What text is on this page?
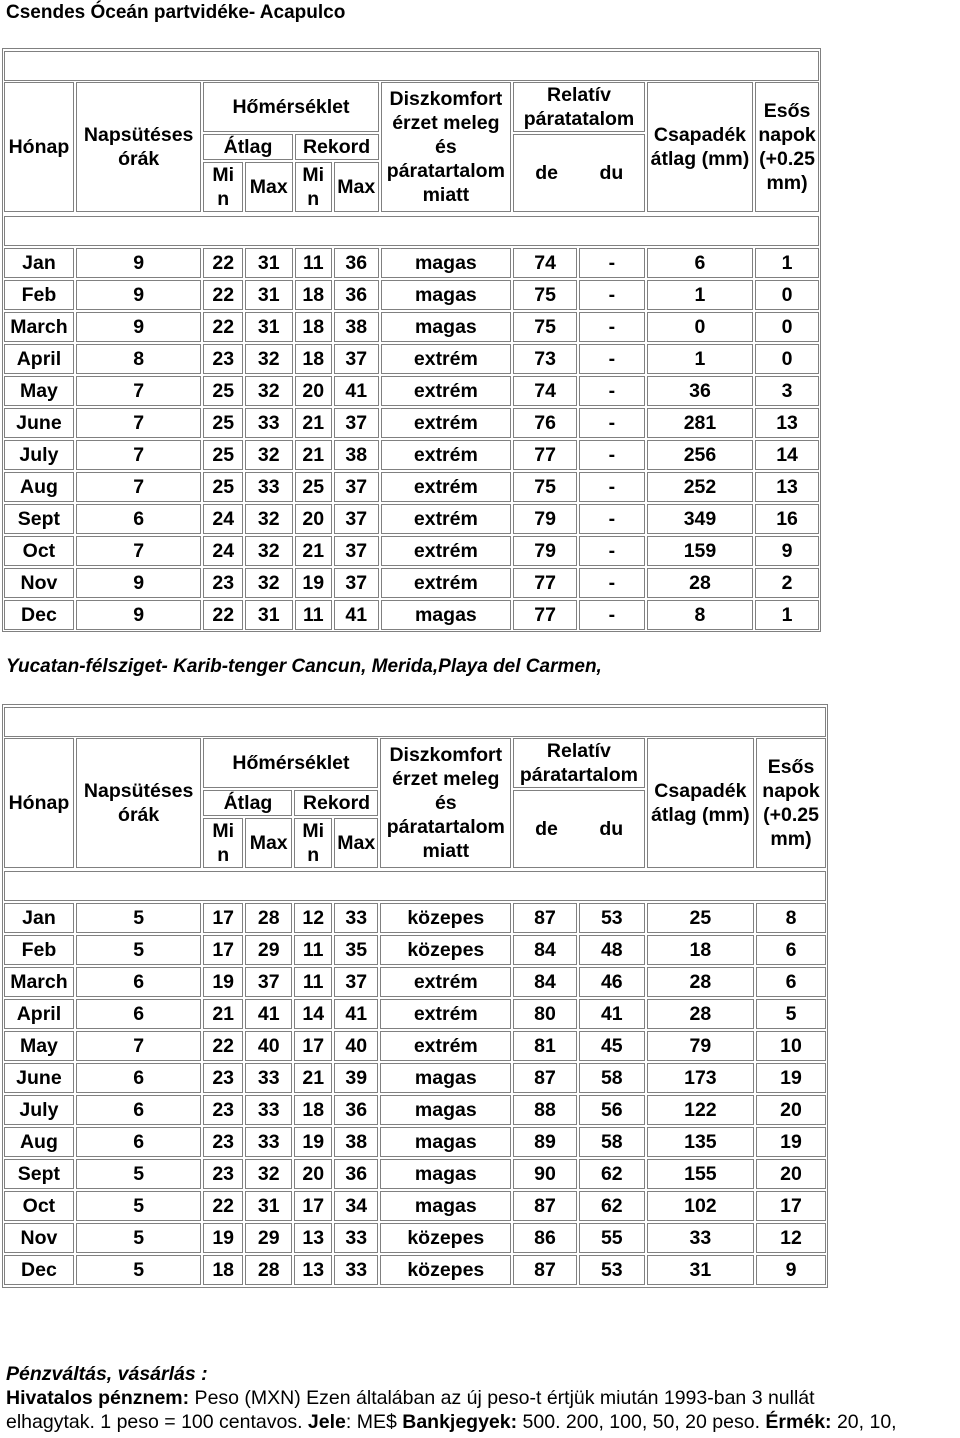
Csendes Óceán partvidéke- Acapulco
Hónap	Napsütéses órák	Hőmérséklet				Diszkomfort érzet meleg és páratartalom miatt	Relatív páratatalom	Csapadék átlag (mm)	Esős napok (+0.25 mm)
		Átlag		Rekord			de du		

		Mi n	Max	Mi n	Max				
Jan	9	22	31	11	36	magas	74	-	6	1
Feb	9	22	31	18	36	magas	75	-	1	0
March	9	22	31	18	38	magas	75	-	0	0
April	8	23	32	18	37	extrém	73	-	1	0
May	7	25	32	20	41	extrém	74	-	36	3
June	7	25	33	21	37	extrém	76	-	281	13
July	7	25	32	21	38	extrém	77	-	256	14
Aug	7	25	33	25	37	extrém	75	-	252	13
Sept	6	24	32	20	37	extrém	79	-	349	16
Oct	7	24	32	21	37	extrém	79	-	159	9
Nov	9	23	32	19	37	extrém	77	-	28	2
Dec	9	22	31	11	41	magas	77	-	8	1
Yucatan-félsziget- Karib-tenger Cancun, Merida,Playa del Carmen,
Hónap	Napsütéses órák	Hőmérséklet				Diszkomfort érzet meleg és páratartalom miatt	Relatív páratartalom	Csapadék átlag (mm)	Esős napok (+0.25 mm)
		Átlag		Rekord			de du		

		Mi n	Max	Mi n	Max				
Jan	5	17	28	12	33	közepes	87	53	25	8
Feb	5	17	29	11	35	közepes	84	48	18	6
March	6	19	37	11	37	extrém	84	46	28	6
April	6	21	41	14	41	extrém	80	41	28	5
May	7	22	40	17	40	extrém	81	45	79	10
June	6	23	33	21	39	magas	87	58	173	19
July	6	23	33	18	36	magas	88	56	122	20
Aug	6	23	33	19	38	magas	89	58	135	19
Sept	5	23	32	20	36	magas	90	62	155	20
Oct	5	22	31	17	34	magas	87	62	102	17
Nov	5	19	29	13	33	közepes	86	55	33	12
Dec	5	18	28	13	33	közepes	87	53	31	9
Pénzváltás, vásárlás :
Hivatalos pénznem: Peso (MXN) Ezen általában az új peso-t értjük miután 1993-ban 3 nullát
elhagytak. 1 peso = 100 centavos. Jele: ME$ Bankjegyek: 500. 200, 100, 50, 20 peso. Érmék: 20, 10,
